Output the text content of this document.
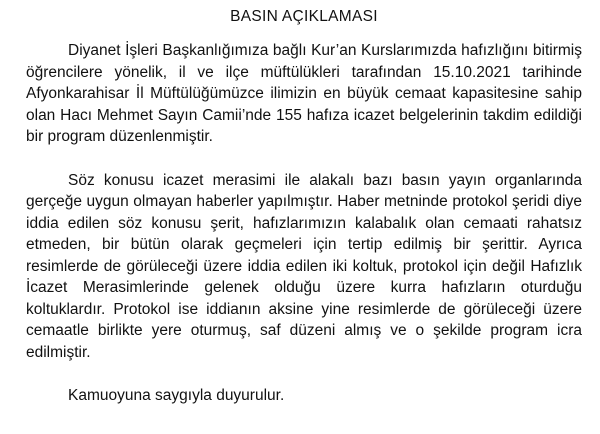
BASIN AÇIKLAMASI

Diyanet İşleri Başkanlığımıza bağlı Kur’an Kurslarımızda hafızlığını bitirmiş öğrencilere yönelik, il ve ilçe müftülükleri tarafından 15.10.2021 tarihinde Afyonkarahisar İl Müftülüğümüzce ilimizin en büyük cemaat kapasitesine sahip olan Hacı Mehmet Sayın Camii’nde 155 hafıza icazet belgelerinin takdim edildiği bir program düzenlenmiştir.

Söz konusu icazet merasimi ile alakalı bazı basın yayın organlarında gerçeğe uygun olmayan haberler yapılmıştır. Haber metninde protokol şeridi diye iddia edilen söz konusu şerit, hafızlarımızın kalabalık olan cemaati rahatsız etmeden, bir bütün olarak geçmeleri için tertip edilmiş bir şerittir. Ayrıca resimlerde de görüleceği üzere iddia edilen iki koltuk, protokol için değil Hafızlık İcazet Merasimlerinde gelenek olduğu üzere kurra hafızların oturduğu koltuklardır. Protokol ise iddianın aksine yine resimlerde de görüleceği üzere cemaatle birlikte yere oturmuş, saf düzeni almış ve o şekilde program icra edilmiştir.

Kamuoyuna saygıyla duyurulur.
